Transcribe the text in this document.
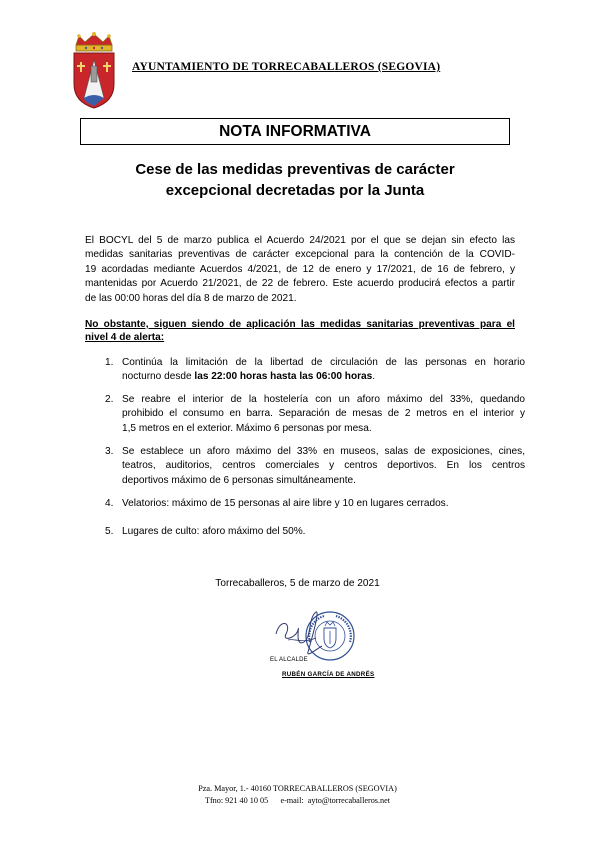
AYUNTAMIENTO DE TORRECABALLEROS (SEGOVIA)
NOTA INFORMATIVA
Cese de las medidas preventivas de carácter
excepcional decretadas por la Junta
El BOCYL del 5 de marzo publica el Acuerdo 24/2021 por el que se dejan sin efecto las
medidas sanitarias preventivas de carácter excepcional para la contención de la COVID-
19 acordadas mediante Acuerdos 4/2021, de 12 de enero y 17/2021, de 16 de febrero, y
mantenidas por Acuerdo 21/2021, de 22 de febrero. Este acuerdo producirá efectos a partir
de las 00:00 horas del día 8 de marzo de 2021.
No obstante, siguen siendo de aplicación las medidas sanitarias preventivas para el
nivel 4 de alerta:
1. Continúa la limitación de la libertad de circulación de las personas en horario
nocturno desde las 22:00 horas hasta las 06:00 horas.
2. Se reabre el interior de la hostelería con un aforo máximo del 33%, quedando
prohibido el consumo en barra. Separación de mesas de 2 metros en el interior y
1,5 metros en el exterior. Máximo 6 personas por mesa.
3. Se establece un aforo máximo del 33% en museos, salas de exposiciones, cines,
teatros, auditorios, centros comerciales y centros deportivos. En los centros
deportivos máximo de 6 personas simultáneamente.
4. Velatorios: máximo de 15 personas al aire libre y 10 en lugares cerrados.
5. Lugares de culto: aforo máximo del 50%.
Torrecaballeros, 5 de marzo de 2021
EL ALCALDE
RUBÉN GARCÍA DE ANDRÉS
Pza. Mayor, 1.- 40160 TORRECABALLEROS (SEGOVIA)
Tfno: 921 40 10 05      e-mail:  ayto@torrecaballeros.net
